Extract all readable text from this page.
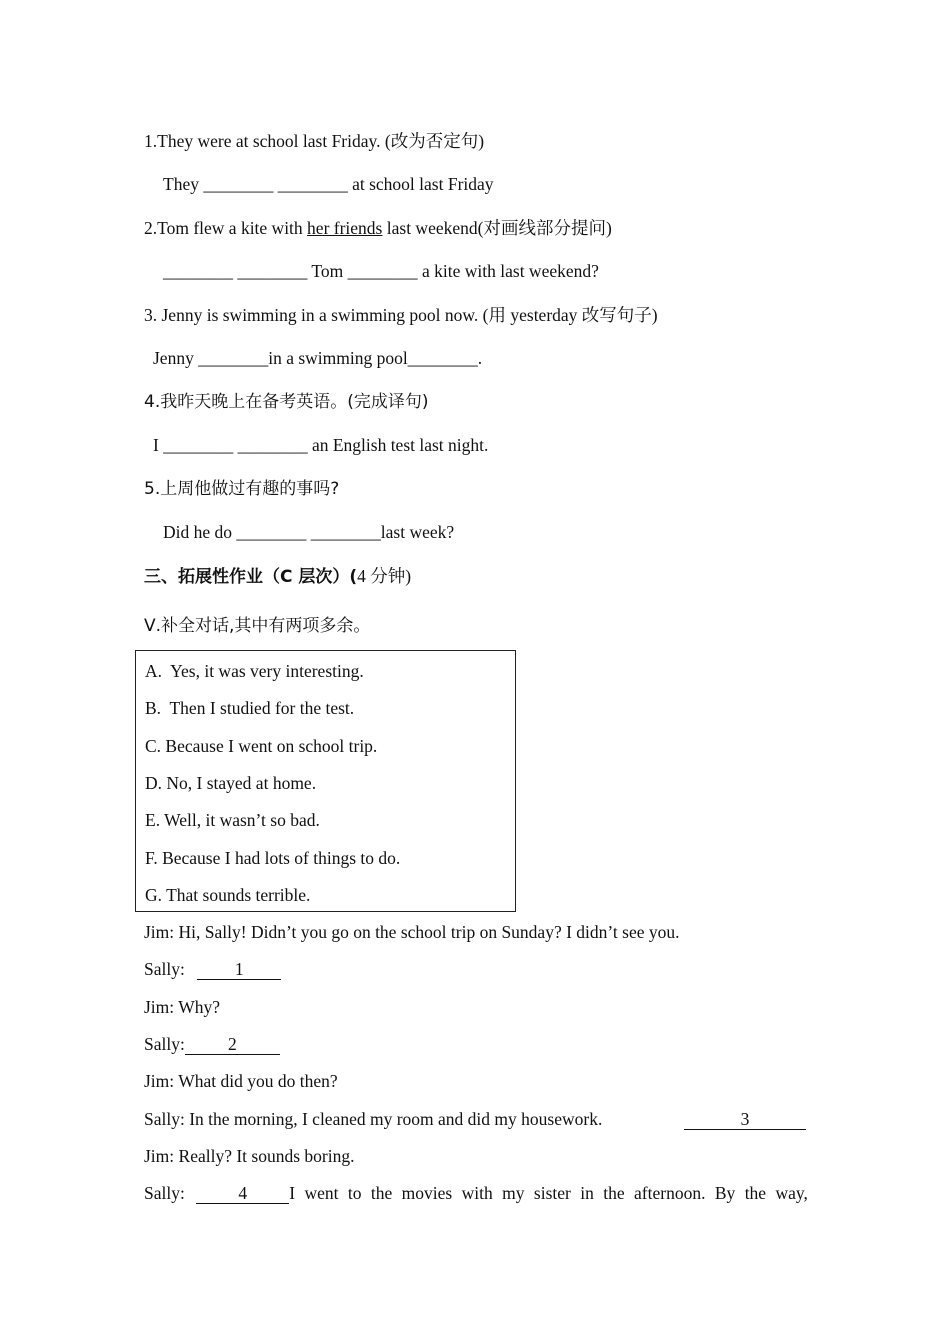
1.They were at school last Friday. (改为否定句)
They ________ ________ at school last Friday
2.Tom flew a kite with her friends last weekend(对画线部分提问)
________ ________ Tom ________ a kite with last weekend?
3. Jenny is swimming in a swimming pool now. (用 yesterday 改写句子)
Jenny ________in a swimming pool________.
4.我昨天晚上在备考英语。(完成译句)
I ________ ________ an English test last night.
5.上周他做过有趣的事吗?
Did he do ________ ________last week?
三、拓展性作业（C 层次）(4 分钟)
Ⅴ.补全对话,其中有两项多余。
A.  Yes, it was very interesting.
B.  Then I studied for the test.
C. Because I went on school trip.
D. No, I stayed at home.
E. Well, it wasn’t so bad.
F. Because I had lots of things to do.
G. That sounds terrible.
Jim: Hi, Sally! Didn’t you go on the school trip on Sunday? I didn’t see you.
Sally:	1
Jim: Why?
Sally: 2
Jim: What did you do then?
Sally: In the morning, I cleaned my room and did my housework.	3
Jim: Really? It sounds boring.
Sally:	4 I went to the movies with my sister in the afternoon. By the way,
